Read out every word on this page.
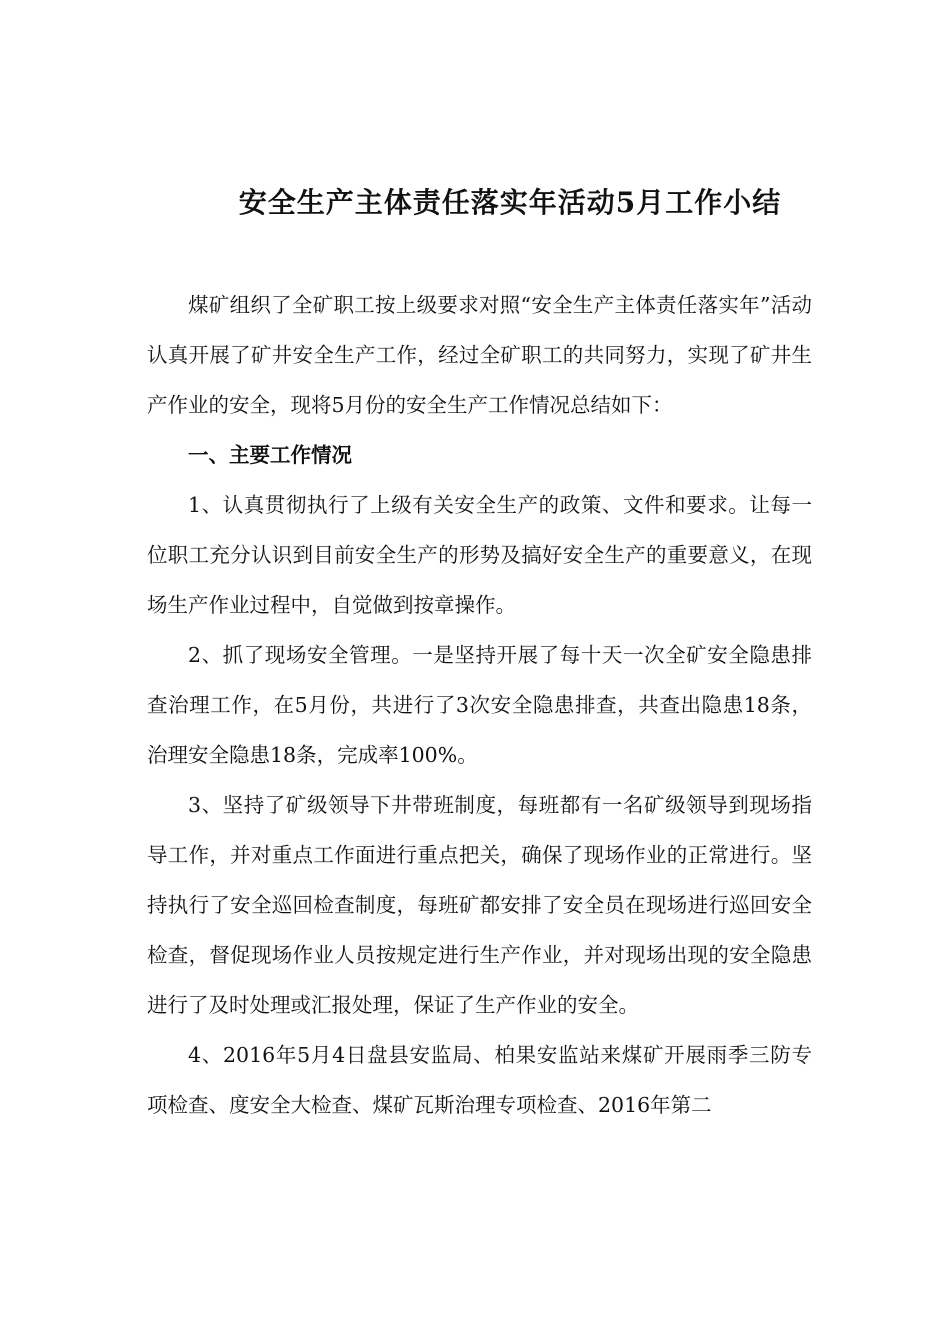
安全生产主体责任落实年活动5月工作小结

煤矿组织了全矿职工按上级要求对照“安全生产主体责任落实年”活动认真开展了矿井安全生产工作，经过全矿职工的共同努力，实现了矿井生产作业的安全，现将5月份的安全生产工作情况总结如下：

一、主要工作情况

1、认真贯彻执行了上级有关安全生产的政策、文件和要求。让每一位职工充分认识到目前安全生产的形势及搞好安全生产的重要意义，在现场生产作业过程中，自觉做到按章操作。

2、抓了现场安全管理。一是坚持开展了每十天一次全矿安全隐患排查治理工作，在5月份，共进行了3次安全隐患排查，共查出隐患18条，治理安全隐患18条，完成率100%。

3、坚持了矿级领导下井带班制度，每班都有一名矿级领导到现场指导工作，并对重点工作面进行重点把关，确保了现场作业的正常进行。坚持执行了安全巡回检查制度，每班矿都安排了安全员在现场进行巡回安全检查，督促现场作业人员按规定进行生产作业，并对现场出现的安全隐患进行了及时处理或汇报处理，保证了生产作业的安全。

4、2016年5月4日盘县安监局、柏果安监站来煤矿开展雨季三防专项检查、度安全大检查、煤矿瓦斯治理专项检查、2016年第二
